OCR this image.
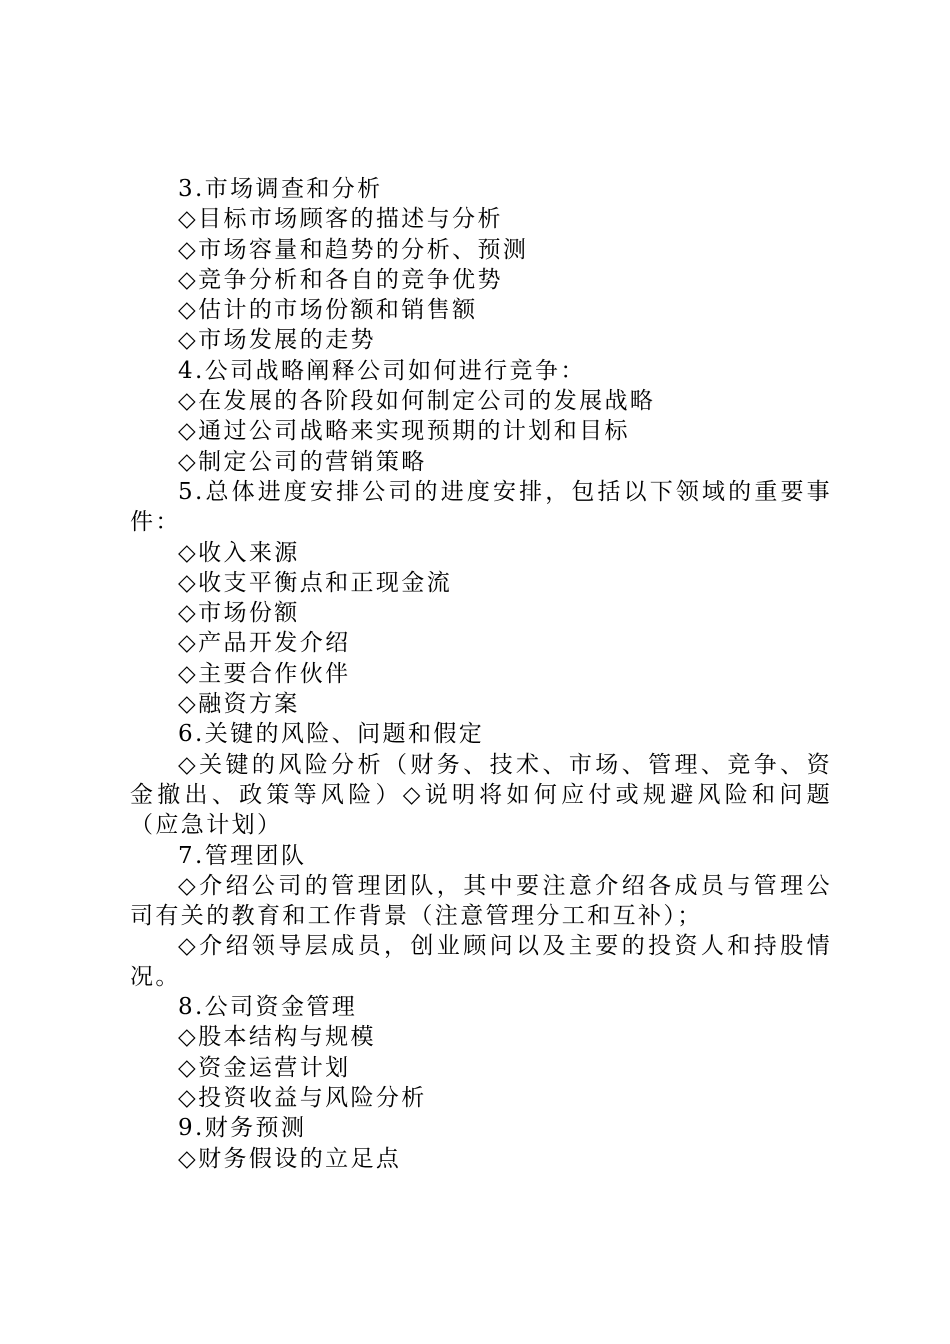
3.市场调查和分析

◇目标市场顾客的描述与分析

◇市场容量和趋势的分析、预测

◇竞争分析和各自的竞争优势

◇估计的市场份额和销售额

◇市场发展的走势

4.公司战略阐释公司如何进行竞争：

◇在发展的各阶段如何制定公司的发展战略

◇通过公司战略来实现预期的计划和目标

◇制定公司的营销策略

5.总体进度安排公司的进度安排，包括以下领域的重要事件：

◇收入来源

◇收支平衡点和正现金流

◇市场份额

◇产品开发介绍

◇主要合作伙伴

◇融资方案

6.关键的风险、问题和假定

◇关键的风险分析（财务、技术、市场、管理、竞争、资金撤出、政策等风险）◇说明将如何应付或规避风险和问题（应急计划）

7.管理团队

◇介绍公司的管理团队，其中要注意介绍各成员与管理公司有关的教育和工作背景（注意管理分工和互补）；

◇介绍领导层成员，创业顾问以及主要的投资人和持股情况。

8.公司资金管理

◇股本结构与规模

◇资金运营计划

◇投资收益与风险分析

9.财务预测

◇财务假设的立足点
